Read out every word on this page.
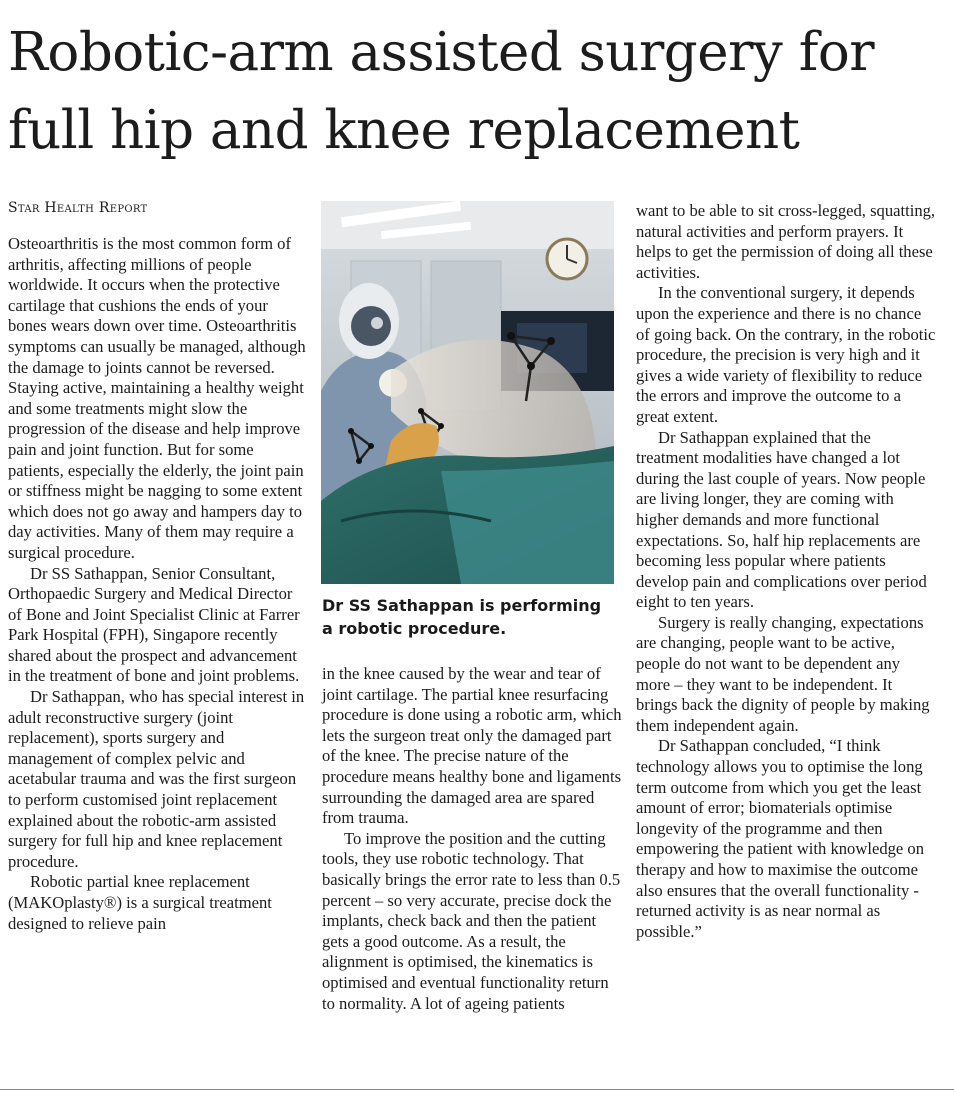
Robotic-arm assisted surgery for full hip and knee replacement
Star Health Report

Osteoarthritis is the most common form of arthritis, affecting millions of people worldwide. It occurs when the protective cartilage that cushions the ends of your bones wears down over time. Osteoarthritis symptoms can usually be managed, although the damage to joints cannot be reversed. Staying active, maintaining a healthy weight and some treatments might slow the progression of the disease and help improve pain and joint function. But for some patients, especially the elderly, the joint pain or stiffness might be nagging to some extent which does not go away and hampers day to day activities. Many of them may require a surgical procedure.

Dr SS Sathappan, Senior Consultant, Orthopaedic Surgery and Medical Director of Bone and Joint Specialist Clinic at Farrer Park Hospital (FPH), Singapore recently shared about the prospect and advancement in the treatment of bone and joint problems.

Dr Sathappan, who has special interest in adult reconstructive surgery (joint replacement), sports surgery and management of complex pelvic and acetabular trauma and was the first surgeon to perform customised joint replacement explained about the robotic-arm assisted surgery for full hip and knee replacement procedure.

Robotic partial knee replacement (MAKOplasty®) is a surgical treatment designed to relieve pain

Dr SS Sathappan is performing a robotic procedure.

in the knee caused by the wear and tear of joint cartilage. The partial knee resurfacing procedure is done using a robotic arm, which lets the surgeon treat only the damaged part of the knee. The precise nature of the procedure means healthy bone and ligaments surrounding the damaged area are spared from trauma.

To improve the position and the cutting tools, they use robotic technology. That basically brings the error rate to less than 0.5 percent – so very accurate, precise dock the implants, check back and then the patient gets a good outcome. As a result, the alignment is optimised, the kinematics is optimised and eventual functionality return to normality. A lot of ageing patients

want to be able to sit cross-legged, squatting, natural activities and perform prayers. It helps to get the permission of doing all these activities.

In the conventional surgery, it depends upon the experience and there is no chance of going back. On the contrary, in the robotic procedure, the precision is very high and it gives a wide variety of flexibility to reduce the errors and improve the outcome to a great extent.

Dr Sathappan explained that the treatment modalities have changed a lot during the last couple of years. Now people are living longer, they are coming with higher demands and more functional expectations. So, half hip replacements are becoming less popular where patients develop pain and complications over period eight to ten years.

Surgery is really changing, expectations are changing, people want to be active, people do not want to be dependent any more – they want to be independent. It brings back the dignity of people by making them independent again.

Dr Sathappan concluded, “I think technology allows you to optimise the long term outcome from which you get the least amount of error; biomaterials optimise longevity of the programme and then empowering the patient with knowledge on therapy and how to maximise the outcome also ensures that the overall functionality - returned activity is as near normal as possible.”
